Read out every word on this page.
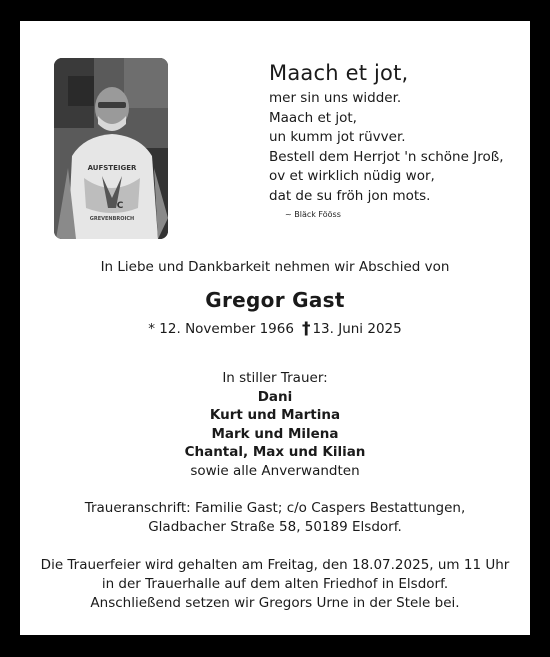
AUFSTEIGER
C
GREVENBROICH
Maach et jot,
mer sin uns widder.
Maach et jot,
un kumm jot rüvver.
Bestell dem Herrjot 'n schöne Jroß,
ov et wirklich nüdig wor,
dat de su fröh jon mots.
~ Bläck Fööss
In Liebe und Dankbarkeit nehmen wir Abschied von
Gregor Gast
* 12. November 1966 † 13. Juni 2025
In stiller Trauer:
Dani
Kurt und Martina
Mark und Milena
Chantal, Max und Kilian
sowie alle Anverwandten
Traueranschrift: Familie Gast; c/o Caspers Bestattungen,
Gladbacher Straße 58, 50189 Elsdorf.
Die Trauerfeier wird gehalten am Freitag, den 18.07.2025, um 11 Uhr
in der Trauerhalle auf dem alten Friedhof in Elsdorf.
Anschließend setzen wir Gregors Urne in der Stele bei.
